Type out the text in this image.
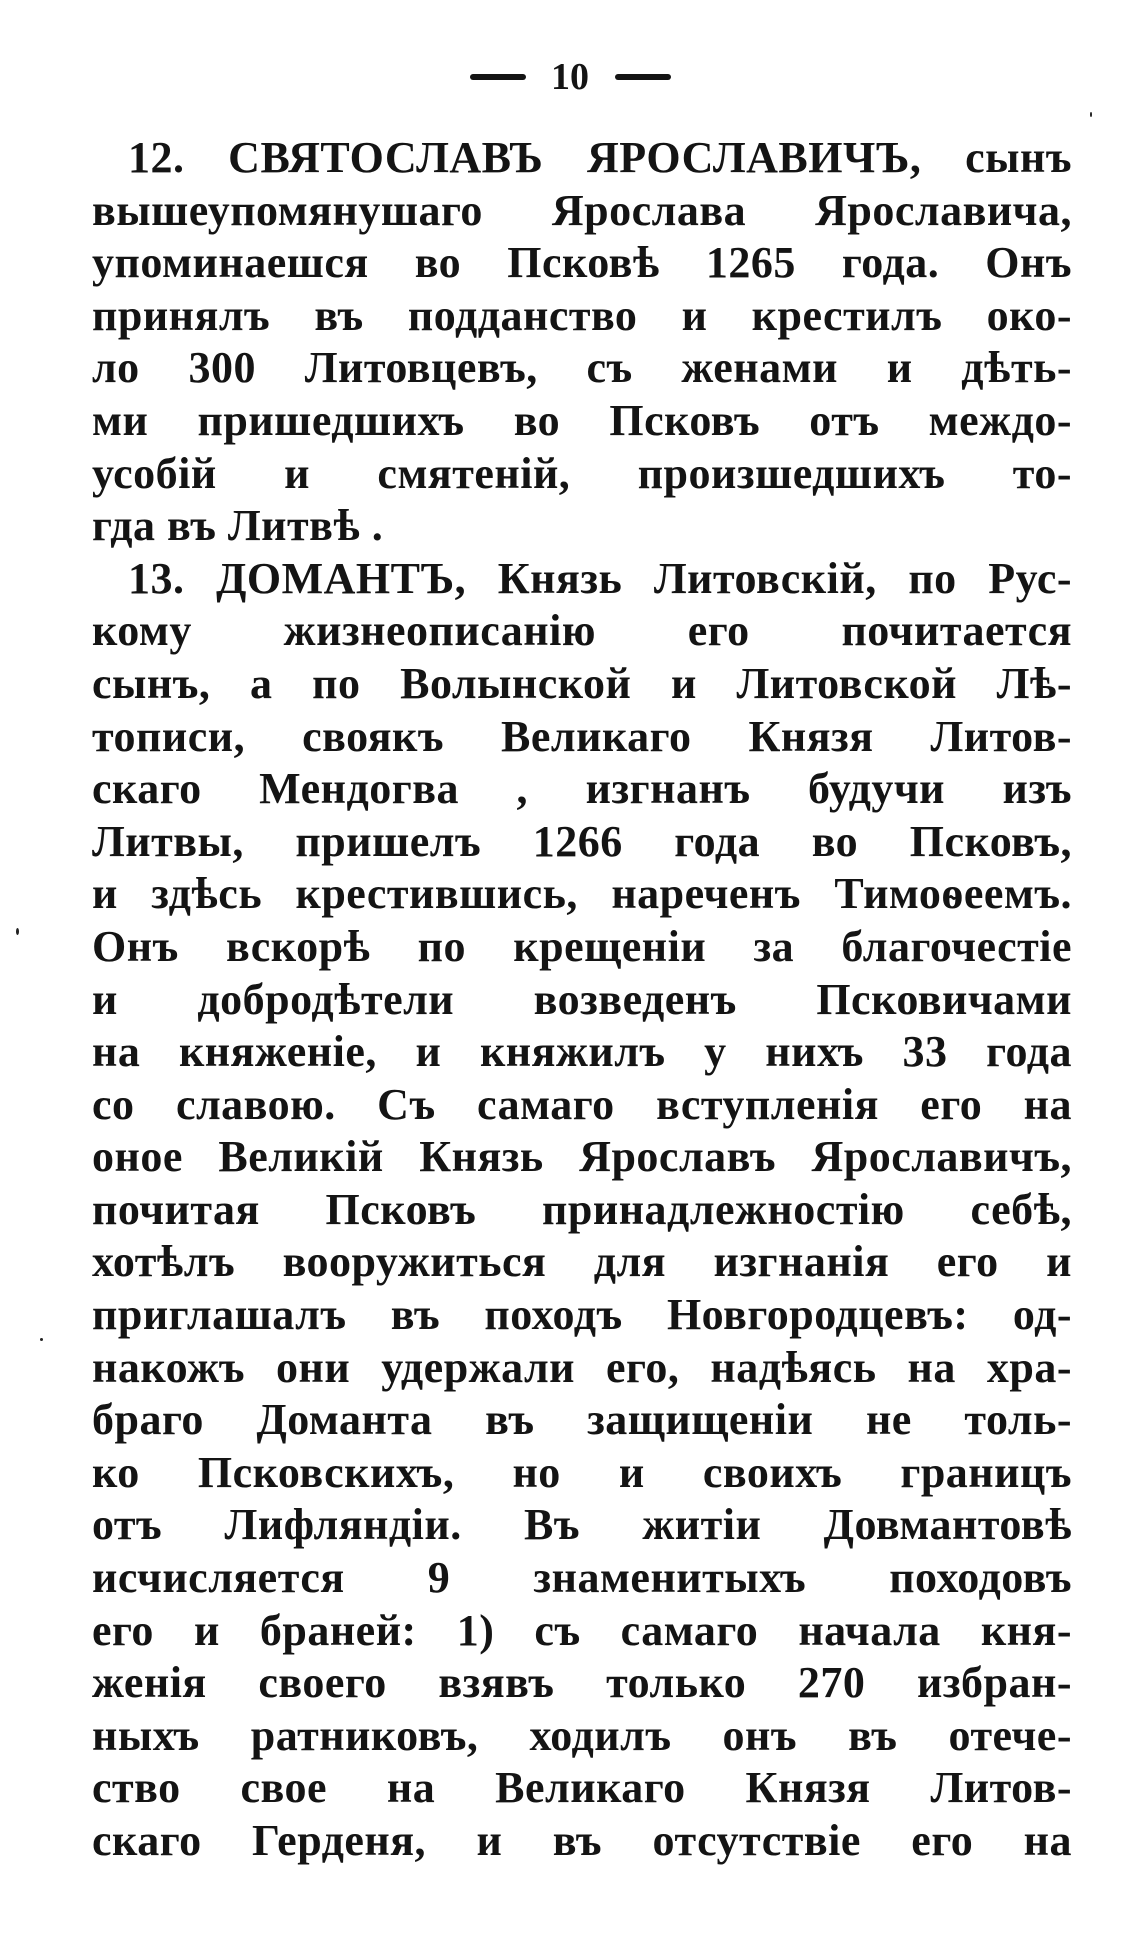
10
12. СВЯТОСЛАВЪ ЯРОСЛАВИЧЪ, сынъ
вышеупомянушаго Ярослава Ярославича,
упоминаешся во Псковѣ 1265 года. Онъ
принялъ въ подданство и крестилъ око-
ло 300 Литовцевъ, съ женами и дѣть-
ми пришедшихъ во Псковъ отъ междо-
усобій и смятеній, произшедшихъ то-
гда въ Литвѣ .
13. ДОМАНТЪ, Князь Литовскій, по Рус-
кому жизнеописанію его почитается
сынъ, а по Волынской и Литовской Лѣ-
тописи, своякъ Великаго Князя Литов-
скаго Мендогва , изгнанъ будучи изъ
Литвы, пришелъ 1266 года во Псковъ,
и здѣсь крестившись, нареченъ Тимоѳеемъ.
Онъ вскорѣ по крещеніи за благочестіе
и добродѣтели возведенъ Псковичами
на княженіе, и княжилъ у нихъ 33 года
со славою. Съ самаго вступленія его на
оное Великій Князь Ярославъ Ярославичъ,
почитая Псковъ принадлежностію себѣ,
хотѣлъ вооружиться для изгнанія его и
приглашалъ въ походъ Новгородцевъ: од-
накожъ они удержали его, надѣясь на хра-
браго Доманта въ защищеніи не толь-
ко Псковскихъ, но и своихъ границъ
отъ Лифляндіи. Въ житіи Довмантовѣ
исчисляется 9 знаменитыхъ походовъ
его и браней: 1) съ самаго начала кня-
женія своего взявъ только 270 избран-
ныхъ ратниковъ, ходилъ онъ въ отече-
ство свое на Великаго Князя Литов-
скаго Герденя, и въ отсутствіе его на
